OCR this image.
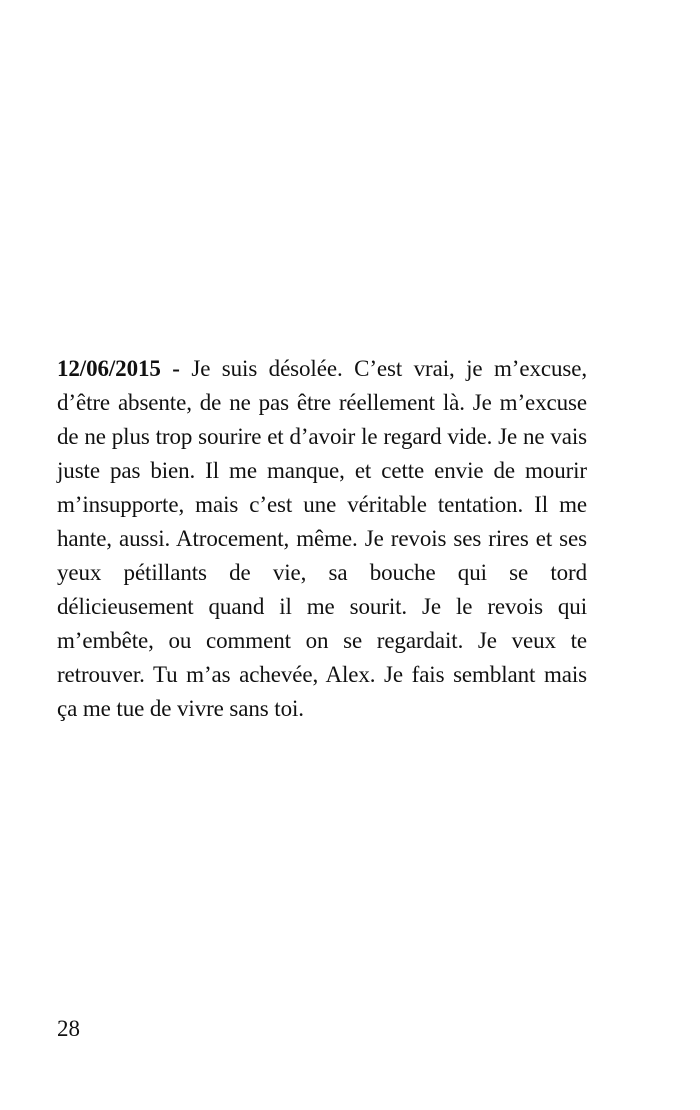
12/06/2015 - Je suis désolée. C’est vrai, je m’excuse, d’être absente, de ne pas être réellement là. Je m’excuse de ne plus trop sourire et d’avoir le regard vide. Je ne vais juste pas bien. Il me manque, et cette envie de mourir m’insupporte, mais c’est une véritable tentation. Il me hante, aussi. Atrocement, même. Je revois ses rires et ses yeux pétillants de vie, sa bouche qui se tord délicieusement quand il me sourit. Je le revois qui m’embête, ou comment on se regardait. Je veux te retrouver. Tu m’as achevée, Alex. Je fais semblant mais ça me tue de vivre sans toi.

28
